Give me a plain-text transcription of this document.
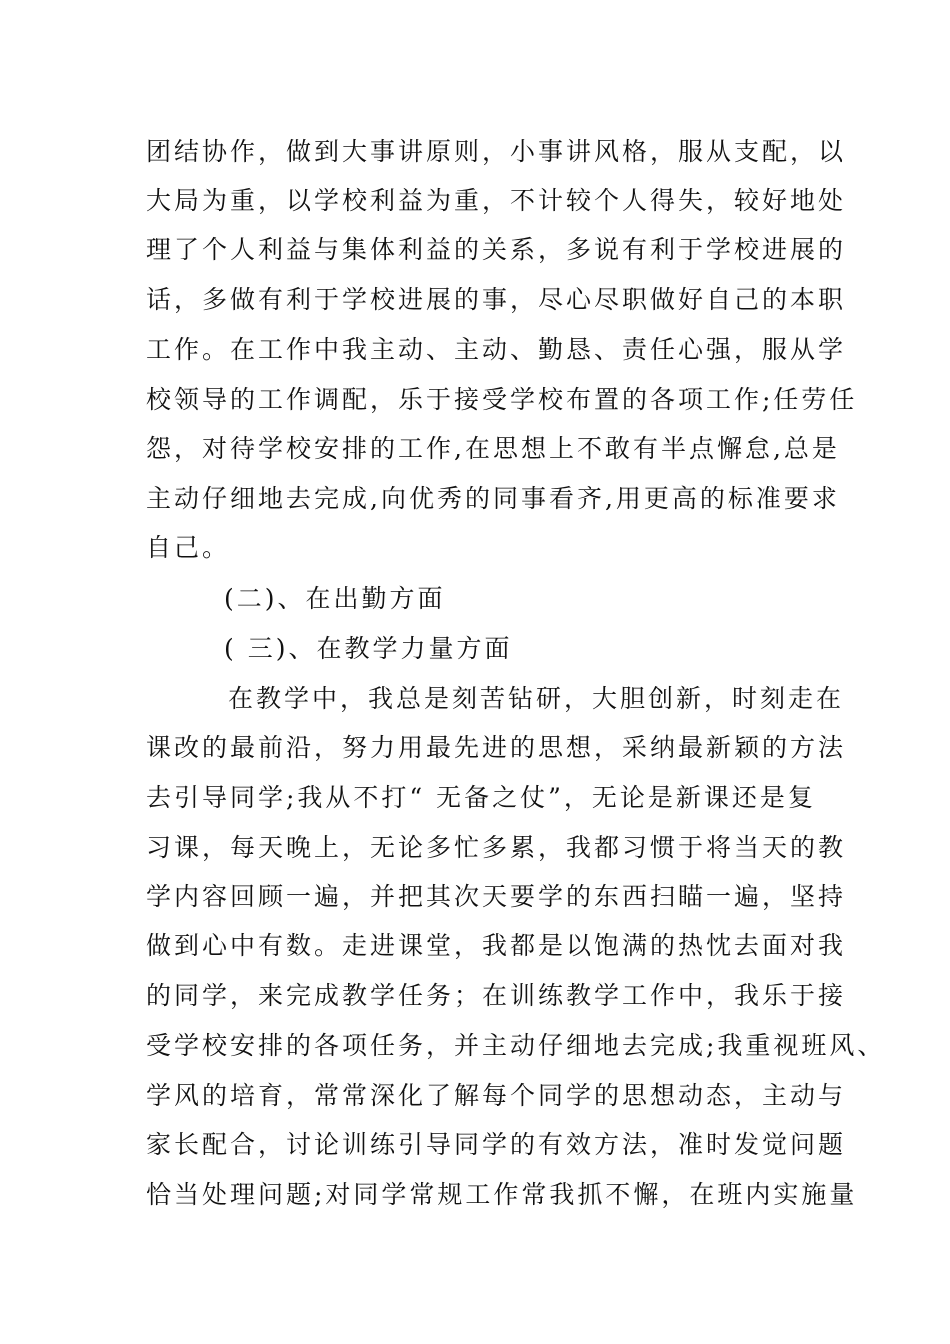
团结协作，做到大事讲原则，小事讲风格，服从支配，以
大局为重，以学校利益为重，不计较个人得失，较好地处
理了个人利益与集体利益的关系，多说有利于学校进展的
话，多做有利于学校进展的事，尽心尽职做好自己的本职
工作。在工作中我主动、主动、勤恳、责任心强，服从学
校领导的工作调配，乐于接受学校布置的各项工作;任劳任
怨，对待学校安排的工作,在思想上不敢有半点懈怠,总是
主动仔细地去完成,向优秀的同事看齐,用更高的标准要求
自己。
(二)、在出勤方面
( 三)、在教学力量方面
在教学中，我总是刻苦钻研，大胆创新，时刻走在
课改的最前沿，努力用最先进的思想，采纳最新颖的方法
去引导同学;我从不打“ 无备之仗”，无论是新课还是复
习课，每天晚上，无论多忙多累，我都习惯于将当天的教
学内容回顾一遍，并把其次天要学的东西扫瞄一遍，坚持
做到心中有数。走进课堂，我都是以饱满的热忱去面对我
的同学，来完成教学任务；在训练教学工作中，我乐于接
受学校安排的各项任务，并主动仔细地去完成;我重视班风、
学风的培育，常常深化了解每个同学的思想动态，主动与
家长配合，讨论训练引导同学的有效方法，准时发觉问题
恰当处理问题;对同学常规工作常我抓不懈，在班内实施量
